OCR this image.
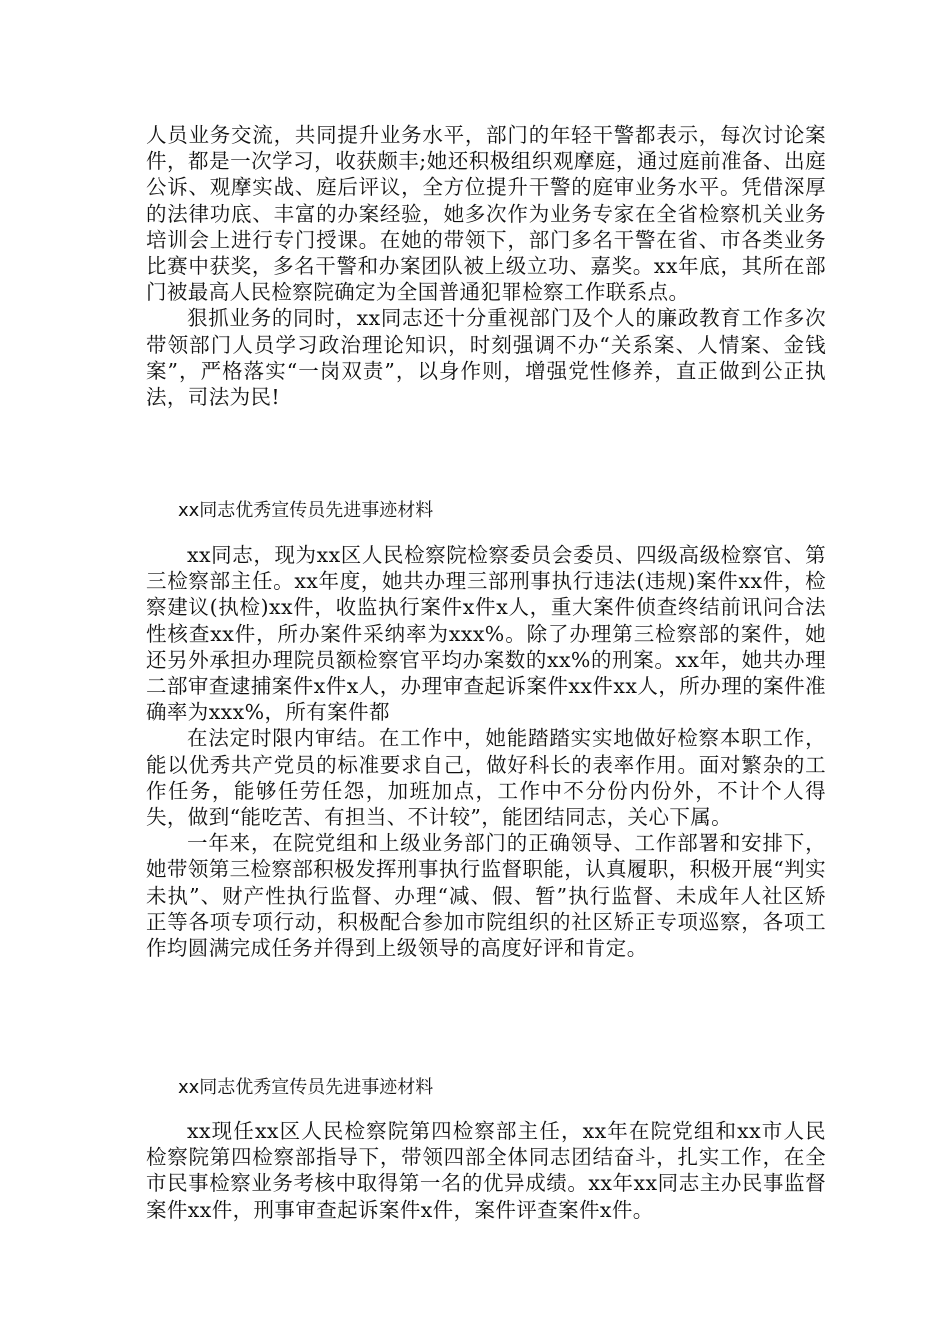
人员业务交流，共同提升业务水平，部门的年轻干警都表示，每次讨论案件，都是一次学习，收获颇丰;她还积极组织观摩庭，通过庭前准备、出庭公诉、观摩实战、庭后评议，全方位提升干警的庭审业务水平。凭借深厚的法律功底、丰富的办案经验，她多次作为业务专家在全省检察机关业务培训会上进行专门授课。在她的带领下，部门多名干警在省、市各类业务比赛中获奖，多名干警和办案团队被上级立功、嘉奖。xx年底，其所在部门被最高人民检察院确定为全国普通犯罪检察工作联系点。

狠抓业务的同时，xx同志还十分重视部门及个人的廉政教育工作多次带领部门人员学习政治理论知识，时刻强调不办“关系案、人情案、金钱案”，严格落实“一岗双责”，以身作则，增强党性修养，直正做到公正执法，司法为民!

xx同志优秀宣传员先进事迹材料

xx同志，现为xx区人民检察院检察委员会委员、四级高级检察官、第三检察部主任。xx年度，她共办理三部刑事执行违法(违规)案件xx件，检察建议(执检)xx件，收监执行案件x件x人，重大案件侦查终结前讯问合法性核查xx件，所办案件采纳率为xxx%。除了办理第三检察部的案件，她还另外承担办理院员额检察官平均办案数的xx%的刑案。xx年，她共办理二部审查逮捕案件x件x人，办理审查起诉案件xx件xx人，所办理的案件准确率为xxx%，所有案件都

在法定时限内审结。在工作中，她能踏踏实实地做好检察本职工作，能以优秀共产党员的标准要求自己，做好科长的表率作用。面对繁杂的工作任务，能够任劳任怨，加班加点，工作中不分份内份外，不计个人得失，做到“能吃苦、有担当、不计较”，能团结同志，关心下属。

一年来，在院党组和上级业务部门的正确领导、工作部署和安排下，她带领第三检察部积极发挥刑事执行监督职能，认真履职，积极开展“判实未执”、财产性执行监督、办理“减、假、暂”执行监督、未成年人社区矫正等各项专项行动，积极配合参加市院组织的社区矫正专项巡察，各项工作均圆满完成任务并得到上级领导的高度好评和肯定。

xx同志优秀宣传员先进事迹材料

xx现任xx区人民检察院第四检察部主任，xx年在院党组和xx市人民检察院第四检察部指导下，带领四部全体同志团结奋斗，扎实工作，在全市民事检察业务考核中取得第一名的优异成绩。xx年xx同志主办民事监督案件xx件，刑事审查起诉案件x件，案件评查案件x件。
